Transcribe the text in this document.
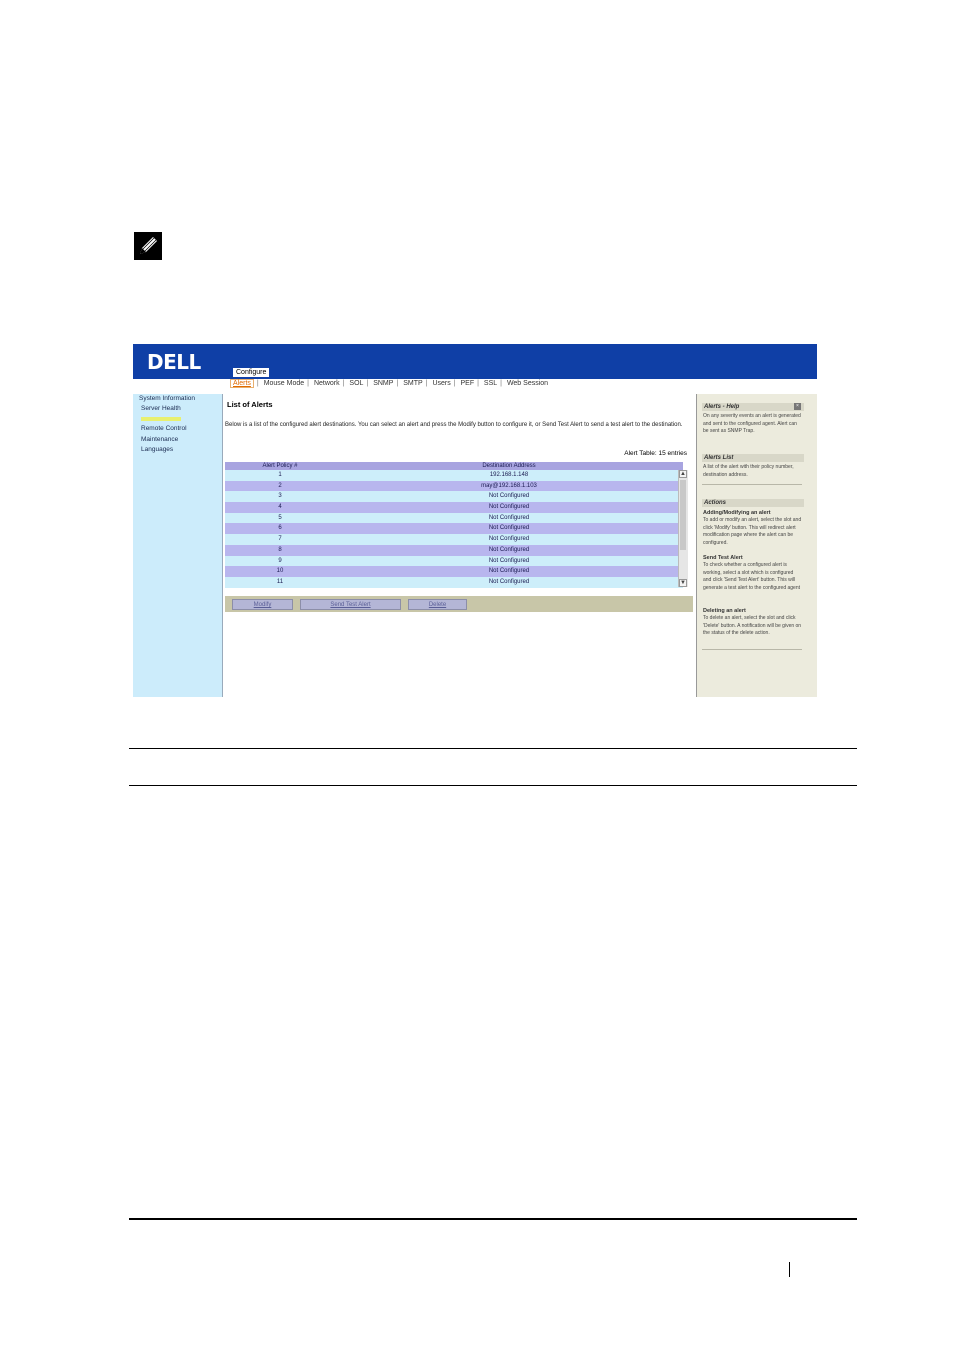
DELL	Configure
Alerts | Mouse Mode | Network | SOL | SNMP | SMTP | Users | PEF | SSL | Web Session
System Information
Server Health
Remote Control
Maintenance
Languages
List of Alerts
Below is a list of the configured alert destinations. You can select an alert and press the Modify button to configure it, or Send Test Alert to send a test alert to the destination.
Alert Table: 15 entries
Alert Policy #	Destination Address
1	192.168.1.148
2	may@192.168.1.103
3	Not Configured
4	Not Configured
5	Not Configured
6	Not Configured
7	Not Configured
8	Not Configured
9	Not Configured
10	Not Configured
11	Not Configured
▲
▼
Modify	Send Test Alert	Delete
Alerts - Help	×
On any severity events an alert is generated and sent to the configured agent. Alert can be sent as SNMP Trap.
Alerts List
A list of the alert with their policy number, destination address.
Actions
Adding/Modifying an alert
To add or modify an alert, select the slot and click 'Modify' button. This will redirect alert modification page where the alert can be configured.
Send Test Alert
To check whether a configured alert is working, select a slot which is configured and click 'Send Test Alert' button. This will generate a test alert to the configured agent
Deleting an alert
To delete an alert, select the slot and click 'Delete' button. A notification will be given on the status of the delete action.
